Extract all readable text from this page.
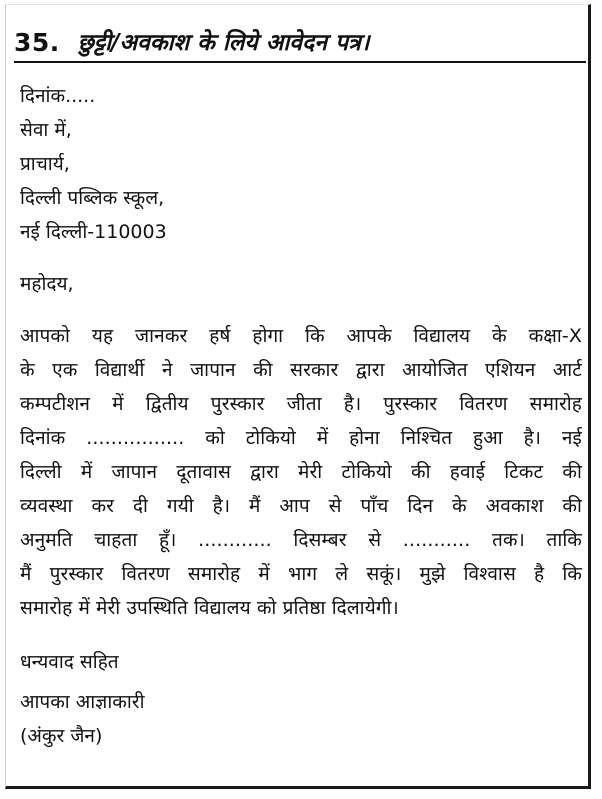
35. छुट्टी/अवकाश के लिये आवेदन पत्र।
दिनांक.....
सेवा में,
प्राचार्य,
दिल्ली पब्लिक स्कूल,
नई दिल्ली-110003
महोदय,
आपको यह जानकर हर्ष होगा कि आपके विद्यालय के कक्षा-X
के एक विद्यार्थी ने जापान की सरकार द्वारा आयोजित एशियन आर्ट
कम्पटीशन में द्वितीय पुरस्कार जीता है। पुरस्कार वितरण समारोह
दिनांक ................ को टोकियो में होना निश्चित हुआ है। नई
दिल्ली में जापान दूतावास द्वारा मेरी टोकियो की हवाई टिकट की
व्यवस्था कर दी गयी है। मैं आप से पाँच दिन के अवकाश की
अनुमति चाहता हूँ। ............ दिसम्बर से ........... तक। ताकि
मैं पुरस्कार वितरण समारोह में भाग ले सकूं। मुझे विश्वास है कि
समारोह में मेरी उपस्थिति विद्यालय को प्रतिष्ठा दिलायेगी।
धन्यवाद सहित
आपका आज्ञाकारी
(अंकुर जैन)
